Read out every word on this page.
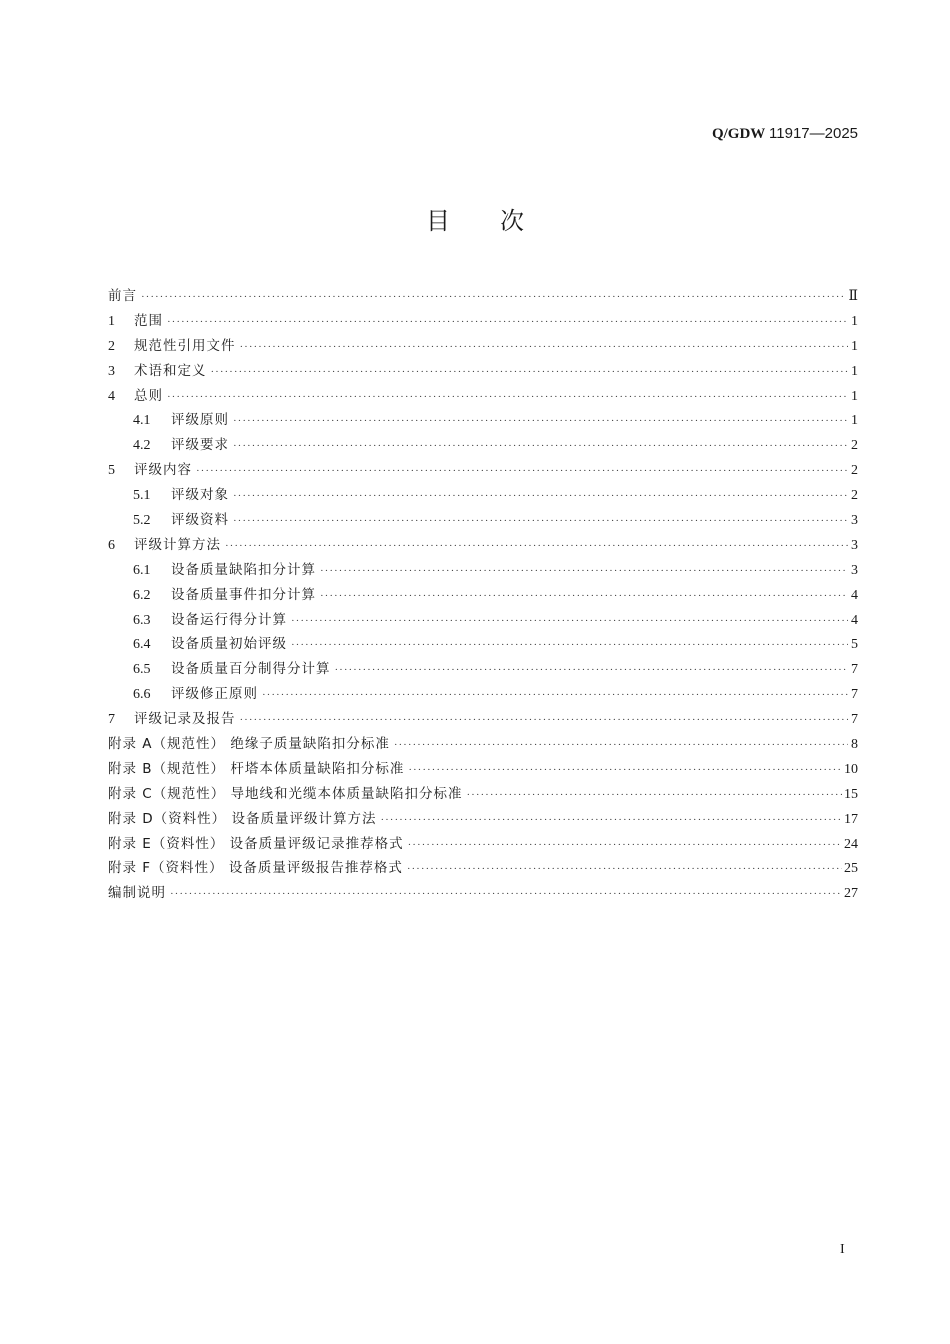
Q/GDW 11917—2025
目次
前言 ·····	Ⅱ
1	范围 ·····	1
2	规范性引用文件 ·····	1
3	术语和定义 ·····	1
4	总则 ·····	1
4.1	评级原则 ·····	1
4.2	评级要求 ·····	2
5	评级内容 ·····	2
5.1	评级对象 ·····	2
5.2	评级资料 ·····	3
6	评级计算方法 ·····	3
6.1	设备质量缺陷扣分计算 ·····	3
6.2	设备质量事件扣分计算 ·····	4
6.3	设备运行得分计算 ·····	4
6.4	设备质量初始评级 ·····	5
6.5	设备质量百分制得分计算 ·····	7
6.6	评级修正原则 ·····	7
7	评级记录及报告 ·····	7
附录 A（规范性） 绝缘子质量缺陷扣分标准 ·····	8
附录 B（规范性） 杆塔本体质量缺陷扣分标准 ·····	10
附录 C（规范性） 导地线和光缆本体质量缺陷扣分标准 ·····	15
附录 D（资料性） 设备质量评级计算方法 ·····	17
附录 E（资料性） 设备质量评级记录推荐格式 ·····	24
附录 F（资料性） 设备质量评级报告推荐格式 ·····	25
编制说明 ·····	27
I
